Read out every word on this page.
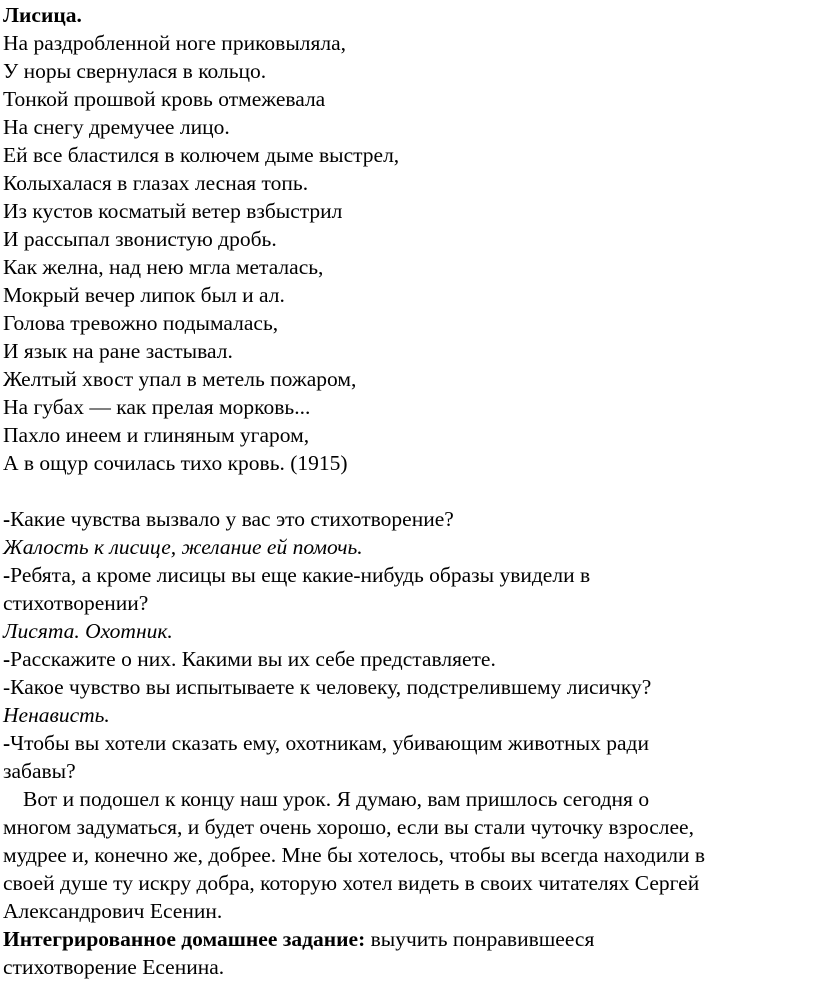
Лисица.

На раздробленной ноге приковыляла,

У норы свернулася в кольцо.

Тонкой прошвой кровь отмежевала

На снегу дремучее лицо.

Ей все бластился в колючем дыме выстрел,

Колыхалася в глазах лесная топь.

Из кустов косматый ветер взбыстрил

И рассыпал звонистую дробь.

Как желна, над нею мгла металась,

Мокрый вечер липок был и ал.

Голова тревожно подымалась,

И язык на ране застывал.

Желтый хвост упал в метель пожаром,

На губах — как прелая морковь...

Пахло инеем и глиняным угаром,

А в ощур сочилась тихо кровь. (1915)

-Какие чувства вызвало у вас это стихотворение?

Жалость к лисице, желание ей помочь.

-Ребята, а кроме лисицы вы еще какие-нибудь образы увидели в

стихотворении?

Лисята. Охотник.

-Расскажите о них. Какими вы их себе представляете.

-Какое чувство вы испытываете к человеку, подстрелившему лисичку?

Ненависть.

-Чтобы вы хотели сказать ему, охотникам, убивающим животных ради

забавы?

Вот и подошел к концу наш урок. Я думаю, вам пришлось сегодня о

многом задуматься, и будет очень хорошо, если вы стали чуточку взрослее,

мудрее и, конечно же, добрее. Мне бы хотелось, чтобы вы всегда находили в

своей душе ту искру добра, которую хотел видеть в своих читателях Сергей

Александрович Есенин.

Интегрированное домашнее задание: выучить понравившееся

стихотворение Есенина.
